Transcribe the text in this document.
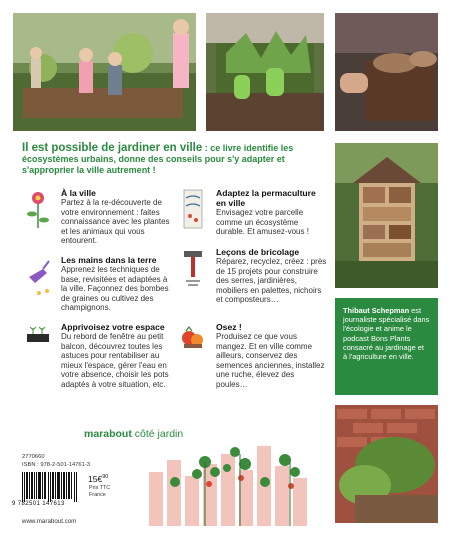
Il est possible de jardiner en ville : ce livre identifie les écosystèmes urbains, donne des conseils pour s'y adapter et s'approprier la ville autrement !
À la ville
Partez à la re-découverte de votre environnement : faites connaissance avec les plantes et les animaux qui vous entourent.
Adaptez la permaculture en ville
Envisagez votre parcelle comme un écosystème durable. Et amusez-vous !
Les mains dans la terre
Apprenez les techniques de base, revisitées et adaptées à la ville. Façonnez des bombes de graines ou cultivez des champignons.
Leçons de bricolage
Réparez, recyclez, créez : près de 15 projets pour construire des serres, jardinières, mobiliers en palettes, nichoirs et composteurs…
Apprivoisez votre espace
Du rebord de fenêtre au petit balcon, découvrez toutes les astuces pour rentabiliser au mieux l'espace, gérer l'eau en votre absence, choisir les pots adaptés à votre situation, etc.
Osez !
Produisez ce que vous mangez. Et en ville comme ailleurs, conservez des semences anciennes, installez une ruche, élevez des poules…
Thibaut Schepman est journaliste spécialisé dans l'écologie et anime le podcast Bons Plants consacré au jardinage et à l'agriculture en ville.
marabout côté jardin
2770660
ISBN : 978-2-501-14761-3
9 782501 147613
15€$^{90}$
Prix TTC
France
www.marabout.com
